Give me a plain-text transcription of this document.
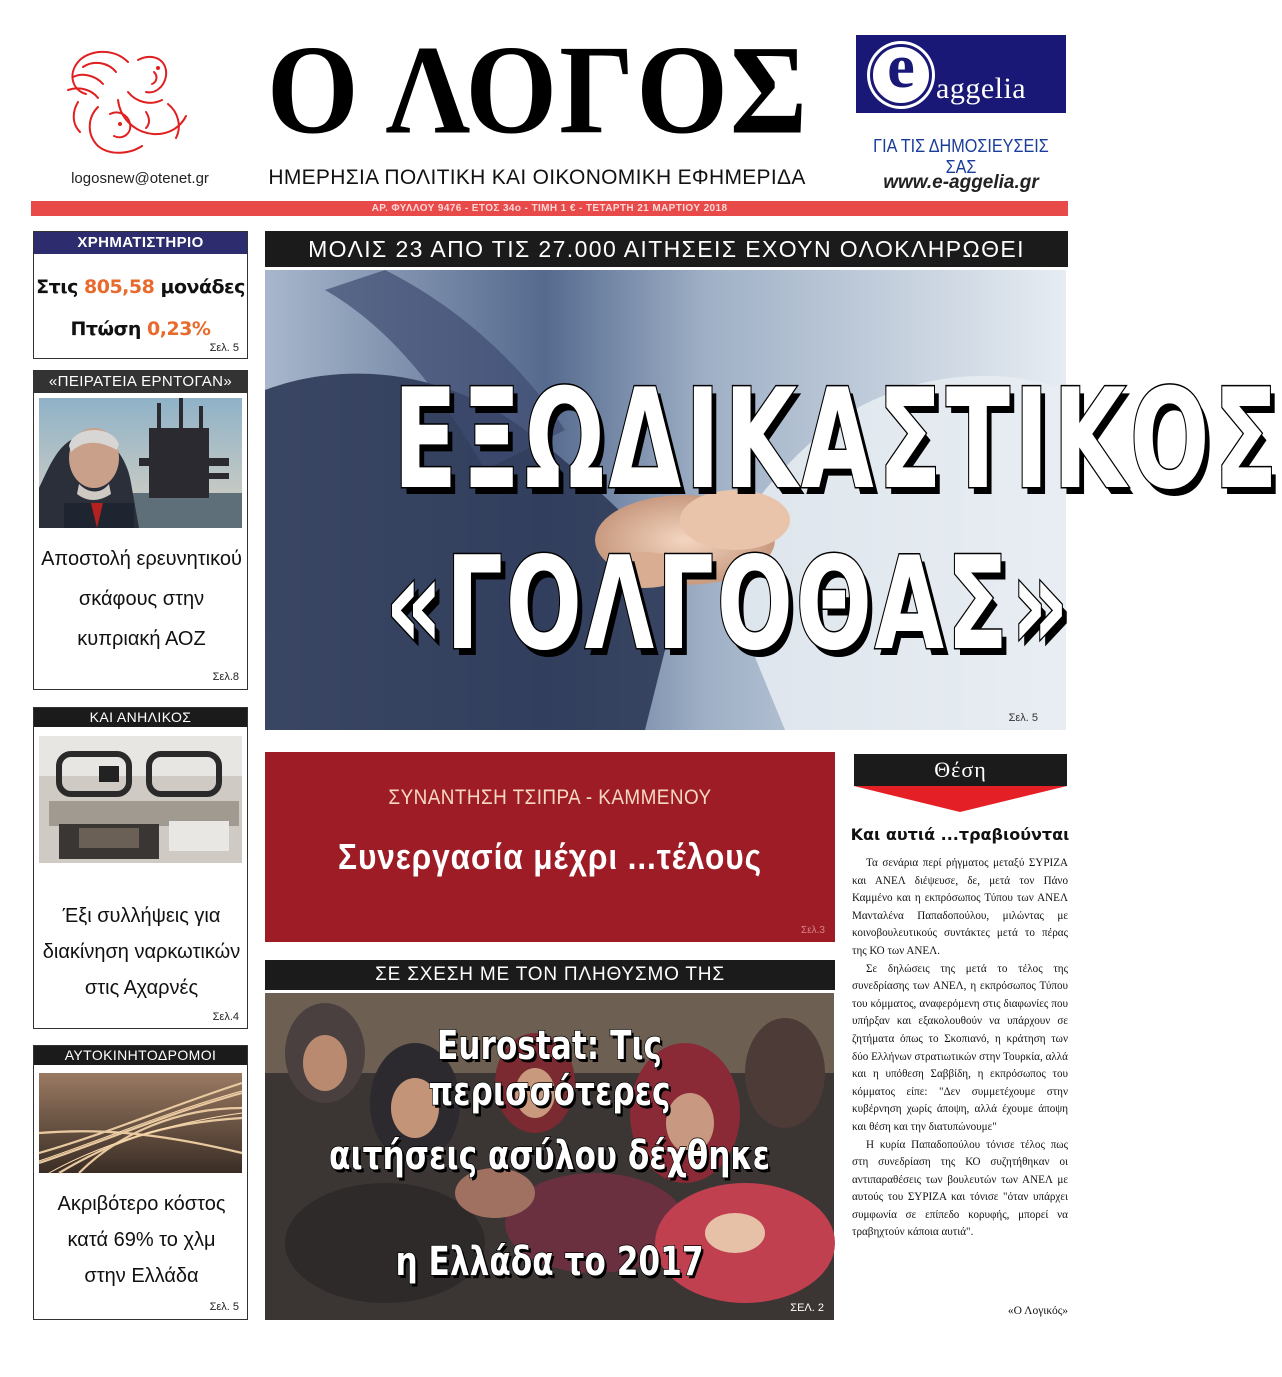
logosnew@otenet.gr
Ο ΛΟΓΟΣ
ΗΜΕΡΗΣΙΑ ΠΟΛΙΤΙΚΗ ΚΑΙ ΟΙΚΟΝΟΜΙΚΗ ΕΦΗΜΕΡΙΔΑ
e aggelia
ΓΙΑ ΤΙΣ ΔΗΜΟΣΙΕΥΣΕΙΣ ΣΑΣ
www.e-aggelia.gr
ΑΡ. ΦΥΛΛΟΥ 9476 - ΕΤΟΣ 34ο - ΤΙΜΗ 1 € - ΤΕΤΑΡΤΗ 21 ΜΑΡΤΙΟΥ 2018
ΧΡΗΜΑΤΙΣΤΗΡΙΟ
Στις 805,58 μονάδες
Πτώση 0,23%
Σελ. 5
«ΠΕΙΡΑΤΕΙΑ ΕΡΝΤΟΓΑΝ»
Αποστολή ερευνητικού
σκάφους στην
κυπριακή ΑΟΖ
Σελ.8
ΚΑΙ ΑΝΗΛΙΚΟΣ
Έξι συλλήψεις για
διακίνηση ναρκωτικών
στις Αχαρνές
Σελ.4
ΑΥΤΟΚΙΝΗΤΟΔΡΟΜΟΙ
Ακριβότερο κόστος
κατά 69% το χλμ
στην Ελλάδα
Σελ. 5
ΜΟΛΙΣ 23 ΑΠΟ ΤΙΣ 27.000 ΑΙΤΗΣΕΙΣ ΕΧΟΥΝ ΟΛΟΚΛΗΡΩΘΕΙ
ΕΞΩΔΙΚΑΣΤΙΚΟΣ
«ΓΟΛΓΟΘΑΣ»
Σελ. 5
ΣΥΝΑΝΤΗΣΗ ΤΣΙΠΡΑ - ΚΑΜΜΕΝΟΥ
Συνεργασία μέχρι ...τέλους
Σελ.3
ΣΕ ΣΧΕΣΗ ΜΕ ΤΟΝ ΠΛΗΘΥΣΜΟ ΤΗΣ
Eurostat: Τις περισσότερες
αιτήσεις ασύλου δέχθηκε
η Ελλάδα το 2017
ΣΕΛ. 2
Θέση
Και αυτιά ...τραβιούνται

Τα σενάρια περί ρήγματος μεταξύ ΣΥΡΙΖΑ και ΑΝΕΛ διέψευσε, δε, μετά τον Πάνο Καμμένο και η εκπρόσωπος Τύπου των ΑΝΕΛ Μανταλένα Παπαδοπούλου, μιλώντας με κοινοβουλευτικούς συντάκτες μετά το πέρας της ΚΟ των ΑΝΕΛ.

Σε δηλώσεις της μετά το τέλος της συνεδρίασης των ΑΝΕΛ, η εκπρόσωπος Τύπου του κόμματος, αναφερόμενη στις διαφωνίες που υπήρξαν και εξακολουθούν να υπάρχουν σε ζητήματα όπως το Σκοπιανό, η κράτηση των δύο Ελλήνων στρατιωτικών στην Τουρκία, αλλά και η υπόθεση Σαββίδη, η εκπρόσωπος του κόμματος είπε: "Δεν συμμετέχουμε στην κυβέρνηση χωρίς άποψη, αλλά έχουμε άποψη και θέση και την διατυπώνουμε"

Η κυρία Παπαδοπούλου τόνισε τέλος πως στη συνεδρίαση της ΚΟ συζητήθηκαν οι αντιπαραθέσεις των βουλευτών των ΑΝΕΛ με αυτούς του ΣΥΡΙΖΑ και τόνισε "όταν υπάρχει συμφωνία σε επίπεδο κορυφής, μπορεί να τραβηχτούν κάποια αυτιά".

«Ο Λογικός»
